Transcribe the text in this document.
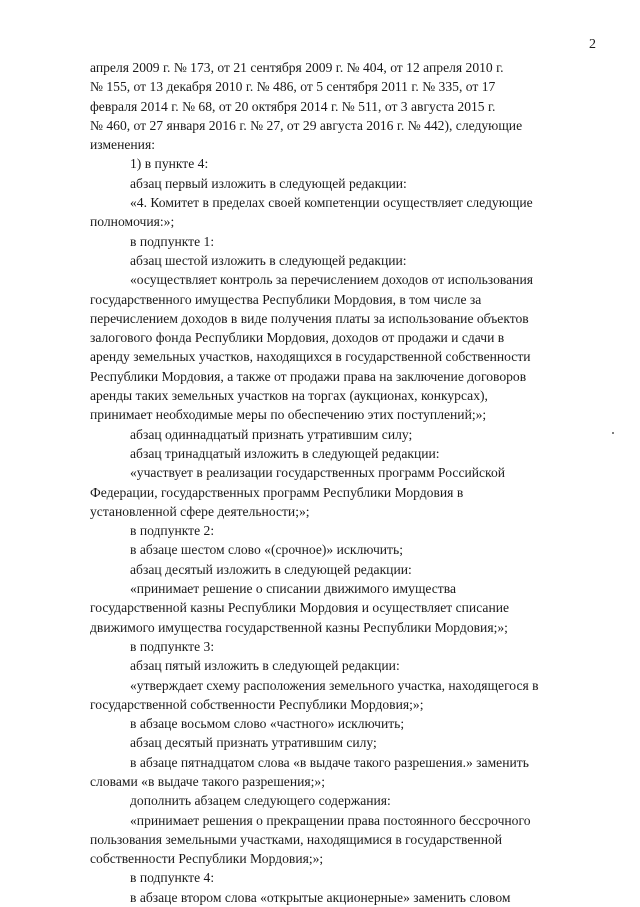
2
апреля 2009 г. № 173, от 21 сентября 2009 г. № 404, от 12 апреля 2010 г.
№ 155, от 13 декабря 2010 г. № 486, от 5 сентября 2011 г. № 335, от 17
февраля 2014 г. № 68, от 20 октября 2014 г. № 511, от 3 августа 2015 г.
№ 460, от 27 января 2016 г. № 27, от 29 августа 2016 г. № 442), следующие
изменения:
1) в пункте 4:
абзац первый изложить в следующей редакции:
«4. Комитет в пределах своей компетенции осуществляет следующие
полномочия:»;
в подпункте 1:
абзац шестой изложить в следующей редакции:
«осуществляет контроль за перечислением доходов от использования
государственного имущества Республики Мордовия, в том числе за
перечислением доходов в виде получения платы за использование объектов
залогового фонда Республики Мордовия, доходов от продажи и сдачи в
аренду земельных участков, находящихся в государственной собственности
Республики Мордовия, а также от продажи права на заключение договоров
аренды таких земельных участков на торгах (аукционах, конкурсах),
принимает необходимые меры по обеспечению этих поступлений;»;
абзац одиннадцатый признать утратившим силу;
абзац тринадцатый изложить в следующей редакции:
«участвует в реализации государственных программ Российской
Федерации, государственных программ Республики Мордовия в
установленной сфере деятельности;»;
в подпункте 2:
в абзаце шестом слово «(срочное)» исключить;
абзац десятый изложить в следующей редакции:
«принимает решение о списании движимого имущества
государственной казны Республики Мордовия и осуществляет списание
движимого имущества государственной казны Республики Мордовия;»;
в подпункте 3:
абзац пятый изложить в следующей редакции:
«утверждает схему расположения земельного участка, находящегося в
государственной собственности Республики Мордовия;»;
в абзаце восьмом слово «частного» исключить;
абзац десятый признать утратившим силу;
в абзаце пятнадцатом слова «в выдаче такого разрешения.» заменить
словами «в выдаче такого разрешения;»;
дополнить абзацем следующего содержания:
«принимает решения о прекращении права постоянного бессрочного
пользования земельными участками, находящимися в государственной
собственности Республики Мордовия;»;
в подпункте 4:
в абзаце втором слова «открытые акционерные» заменить словом
